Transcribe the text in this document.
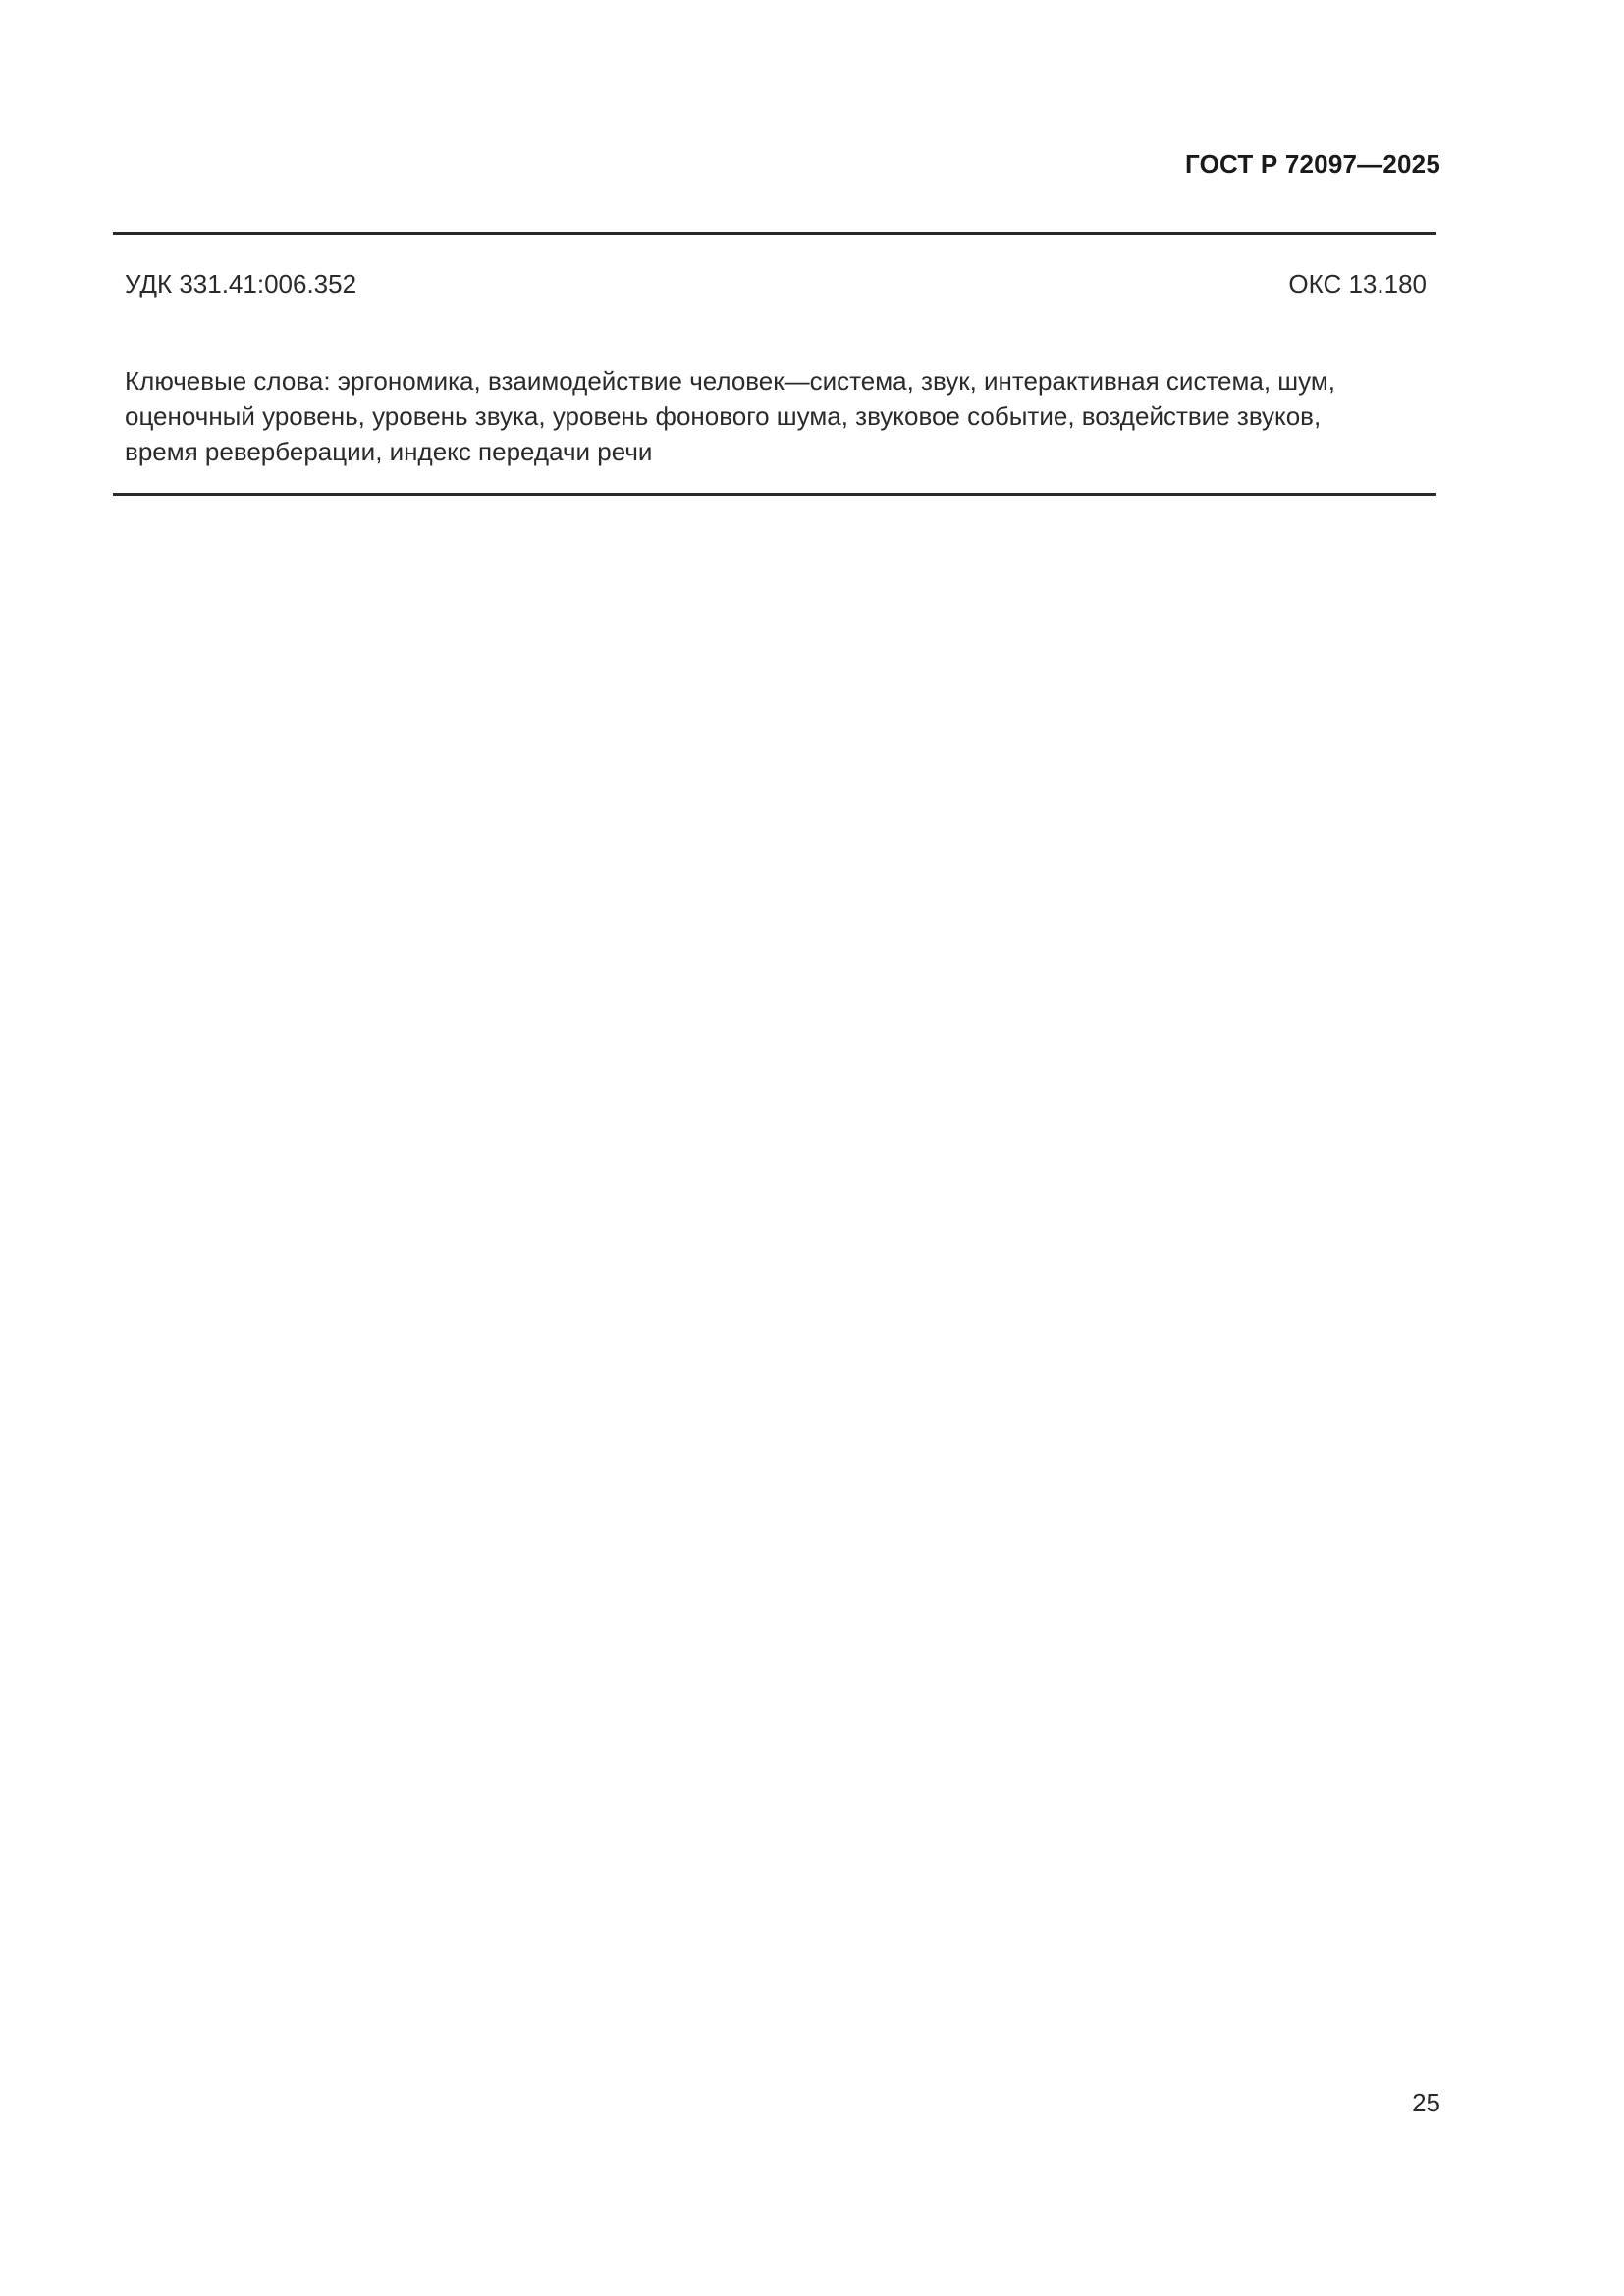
ГОСТ Р 72097—2025
УДК 331.41:006.352	ОКС 13.180
Ключевые слова: эргономика, взаимодействие человек—система, звук, интерактивная система, шум,
оценочный уровень, уровень звука, уровень фонового шума, звуковое событие, воздействие звуков,
время реверберации, индекс передачи речи
25
